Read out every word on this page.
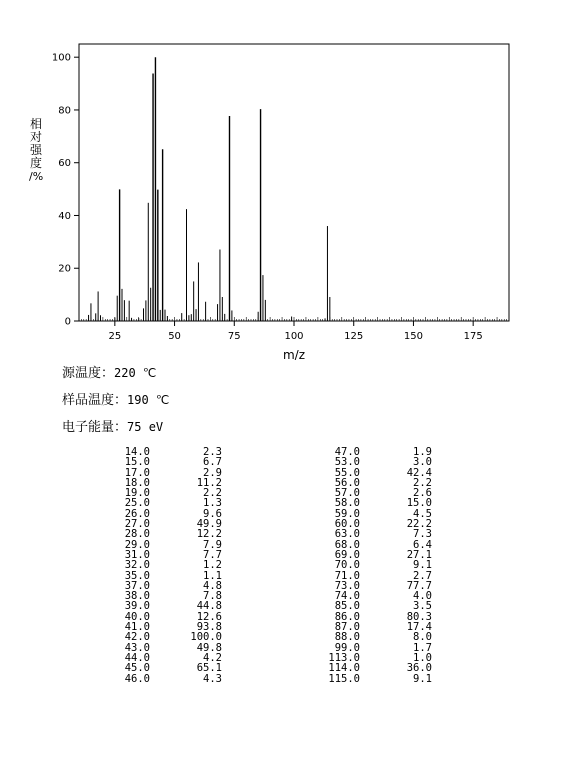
25	50	75	100	125	150	175
0
20
40
60
80
100
m/z
相
对
强
度
/%
源温度：220 ℃
样品温度：190 ℃
电子能量：75 eV
14.0	2.3
15.0	6.7
17.0	2.9
18.0	11.2
19.0	2.2
25.0	1.3
26.0	9.6
27.0	49.9
28.0	12.2
29.0	7.9
31.0	7.7
32.0	1.2
35.0	1.1
37.0	4.8
38.0	7.8
39.0	44.8
40.0	12.6
41.0	93.8
42.0	100.0
43.0	49.8
44.0	4.2
45.0	65.1
46.0	4.3
47.0	1.9
53.0	3.0
55.0	42.4
56.0	2.2
57.0	2.6
58.0	15.0
59.0	4.5
60.0	22.2
63.0	7.3
68.0	6.4
69.0	27.1
70.0	9.1
71.0	2.7
73.0	77.7
74.0	4.0
85.0	3.5
86.0	80.3
87.0	17.4
88.0	8.0
99.0	1.7
113.0	1.0
114.0	36.0
115.0	9.1
